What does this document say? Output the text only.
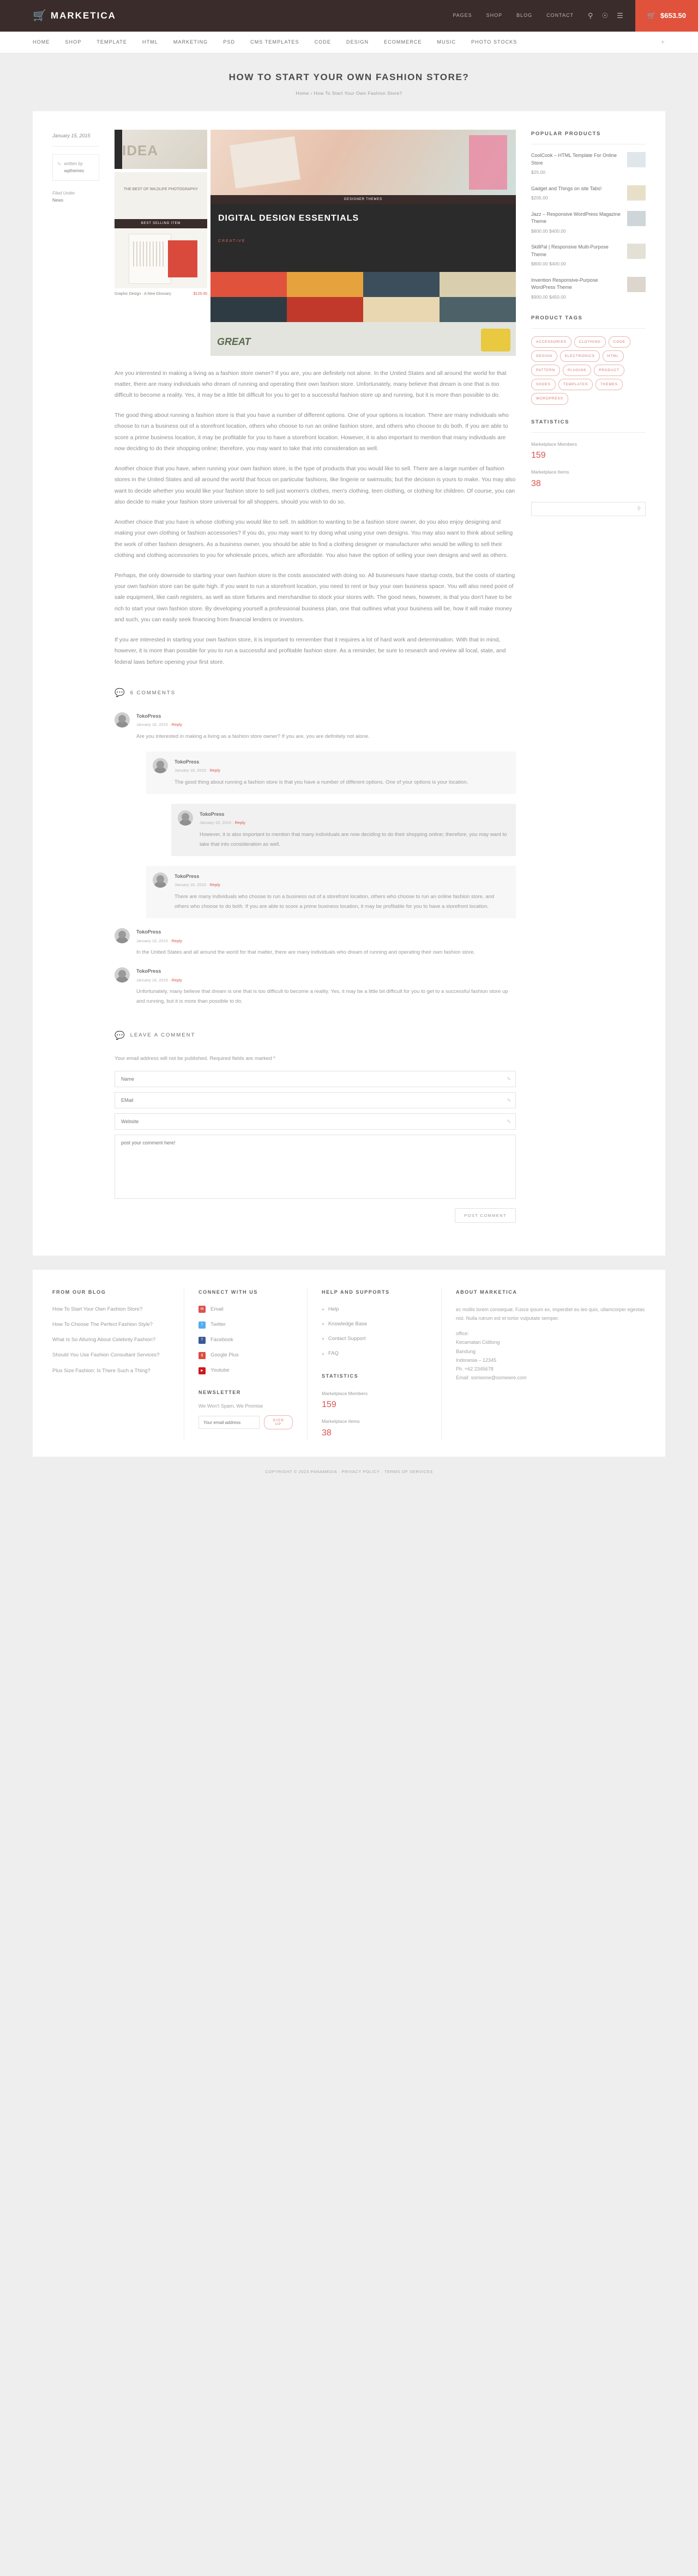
🛒 MARKETICA	PAGES	SHOP	BLOG	CONTACT ⚲ ☉ ☰	🛒 $653.50
HOME	SHOP	TEMPLATE	HTML	MARKETING	PSD	CMS TEMPLATES	CODE	DESIGN	ECOMMERCE	MUSIC	PHOTO STOCKS	+
HOW TO START YOUR OWN FASHION STORE?
Home › How To Start Your Own Fashion Store?
January 15, 2015
✎ written by
wpthemes
Filed Under
News
IDEA
THE BEST OF WILDLIFE PHOTOGRAPHY
BEST SELLING ITEM
Graphic Design - A New Glossary	$125.00
DESIGNER THEMES
DIGITAL DESIGN ESSENTIALS
CREATIVE
GREAT

Are you interested in making a living as a fashion store owner? If you are, you are definitely not alone. In the United States and all around the world for that matter, there are many individuals who dream of running and operating their own fashion store. Unfortunately, many believe that dream is one that is too difficult to become a reality. Yes, it may be a little bit difficult for you to get to a successful fashion store up and running, but it is more than possible to do.

The good thing about running a fashion store is that you have a number of different options. One of your options is location. There are many individuals who choose to run a business out of a storefront location, others who choose to run an online fashion store, and others who choose to do both. If you are able to score a prime business location, it may be profitable for you to have a storefront location. However, it is also important to mention that many individuals are now deciding to do their shopping online; therefore, you may want to take that into consideration as well.

Another choice that you have, when running your own fashion store, is the type of products that you would like to sell. There are a large number of fashion stores in the United States and all around the world that focus on particular fashions, like lingerie or swimsuits; but the decision is yours to make. You may also want to decide whether you would like your fashion store to sell just women's clothes, men's clothing, teen clothing, or clothing for children. Of course, you can also decide to make your fashion store universal for all shoppers, should you wish to do so.

Another choice that you have is whose clothing you would like to sell. In addition to wanting to be a fashion store owner, do you also enjoy designing and making your own clothing or fashion accessories? If you do, you may want to try doing what using your own designs. You may also want to think about selling the work of other fashion designers. As a business owner, you should be able to find a clothing designer or manufacturer who would be willing to sell their clothing and clothing accessories to you for wholesale prices, which are affordable. You also have the option of selling your own designs and well as others.

Perhaps, the only downside to starting your own fashion store is the costs associated with doing so. All businesses have startup costs, but the costs of starting your own fashion store can be quite high. If you want to run a storefront location, you need to rent or buy your own business space. You will also need point of sale equipment, like cash registers, as well as store fixtures and merchandise to stock your stores with. The good news, however, is that you don't have to be rich to start your own fashion store. By developing yourself a professional business plan, one that outlines what your business will be, how it will make money and such, you can easily seek financing from financial lenders or investors.

If you are interested in starting your own fashion store, it is important to remember that it requires a lot of hard work and determination. With that in mind, however, it is more than possible for you to run a successful and profitable fashion store. As a reminder, be sure to research and review all local, state, and federal laws before opening your first store.

💬 6 COMMENTS
TokoPress
January 16, 2015 · Reply
Are you interested in making a living as a fashion store owner? If you are, you are definitely not alone.
TokoPress
January 16, 2015 · Reply
The good thing about running a fashion store is that you have a number of different options. One of your options is your location.
TokoPress
January 16, 2015 · Reply
However, it is also important to mention that many individuals are now deciding to do their shopping online; therefore, you may want to take that into consideration as well.
TokoPress
January 16, 2015 · Reply
There are many individuals who choose to run a business out of a storefront location, others who choose to run an online fashion store, and others who choose to do both. If you are able to score a prime business location, it may be profitable for you to have a storefront location.
TokoPress
January 16, 2015 · Reply
In the United States and all around the world for that matter, there are many individuals who dream of running and operating their own fashion store.
TokoPress
January 16, 2015 · Reply
Unfortunately, many believe that dream is one that is too difficult to become a reality. Yes, it may be a little bit difficult for you to get to a successful fashion store up and running, but it is more than possible to do.
💬 LEAVE A COMMENT
Your email address will not be published. Required fields are marked *
Name
✎
EMail
✎
Website
✎
post your comment here!
POST COMMENT
POPULAR PRODUCTS
CoolCook – HTML Template For Online Store
$25.00
Gadget and Things on site Tabs!
$205.00
Jazz – Responsive WordPress Magazine Theme
$800.00 $400.00
SkillPal | Responsive Multi-Purpose Theme
$800.00 $400.00
Invention Responsive-Purpose WordPress Theme
$900.00 $450.00
PRODUCT TAGS
ACCESSORIES	CLOTHING	CODE
DESIGN	ELECTRONICS	HTML
PATTERN	PLUGINS	PRODUCT
SHOES	TEMPLATES	THEMES
WORDPRESS
STATISTICS
Marketplace Members
159
Marketplace Items
38
⚲
FROM OUR BLOG
How To Start Your Own Fashion Store?
How To Choose The Perfect Fashion Style?
What Is So Alluring About Celebrity Fashion?
Should You Use Fashion Consultant Services?
Plus Size Fashion: Is There Such a Thing?
CONNECT WITH US
✉	Email
t	Twitter
f	Facebook
g	Google Plus
►	Youtube
NEWSLETTER
We Won't Spam, We Promise
Your email address
SIGN UP
HELP AND SUPPORTS
● Help
● Knowledge Base
● Contact Support
● FAQ
STATISTICS
Marketplace Members
159
Marketplace Items
38
ABOUT MARKETICA
ec mollis lorem consequat. Fusce ipsum ex, imperdiet eu leo quis, ullamcorper egestas nisl. Nulla rutrum est et tortor vulputate semper.
office:
Kecamatan Cidilong
Bandung
Indonesia – 12345
Ph. +62 2345678
Email: someone@somewre.com
COPYRIGHT © 2023 PANAMEDIA · PRIVACY POLICY · TERMS OF SERVICES
